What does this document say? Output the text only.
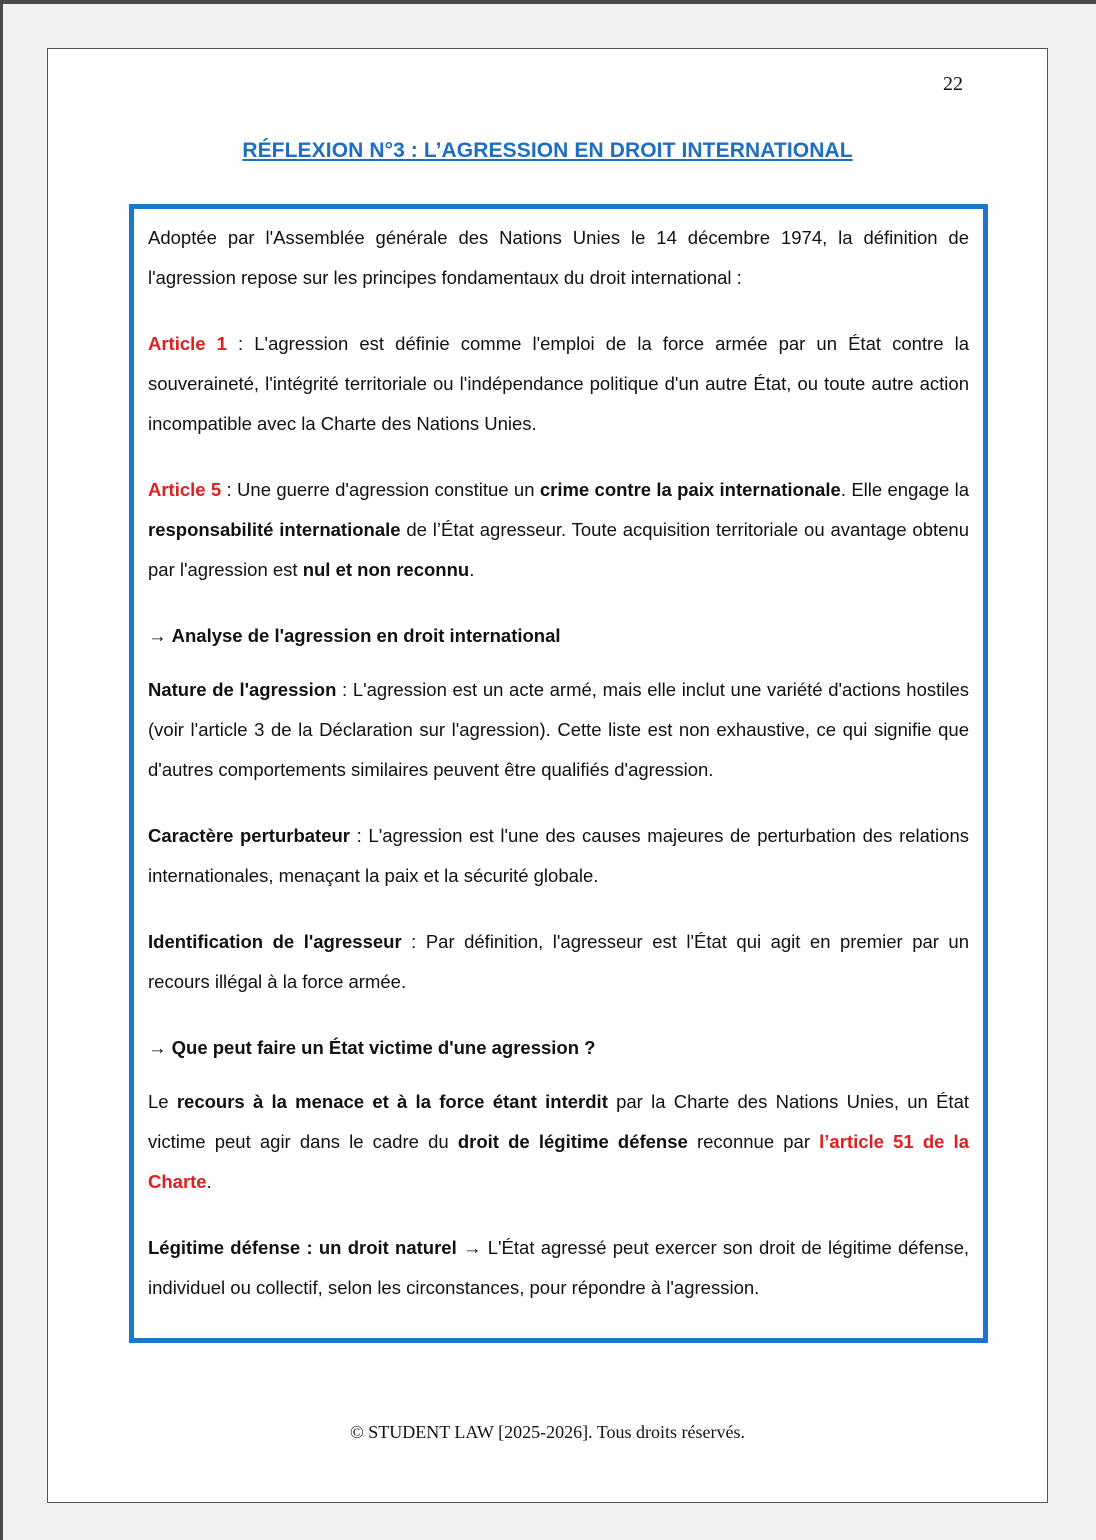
22
RÉFLEXION N°3 : L’AGRESSION EN DROIT INTERNATIONAL

Adoptée par l'Assemblée générale des Nations Unies le 14 décembre 1974, la définition de l'agression repose sur les principes fondamentaux du droit international :

Article 1 : L'agression est définie comme l'emploi de la force armée par un État contre la souveraineté, l'intégrité territoriale ou l'indépendance politique d'un autre État, ou toute autre action incompatible avec la Charte des Nations Unies.

Article 5 : Une guerre d'agression constitue un crime contre la paix internationale. Elle engage la responsabilité internationale de l’État agresseur. Toute acquisition territoriale ou avantage obtenu par l'agression est nul et non reconnu.

→ Analyse de l'agression en droit international

Nature de l'agression : L'agression est un acte armé, mais elle inclut une variété d'actions hostiles (voir l'article 3 de la Déclaration sur l'agression). Cette liste est non exhaustive, ce qui signifie que d'autres comportements similaires peuvent être qualifiés d'agression.

Caractère perturbateur : L'agression est l'une des causes majeures de perturbation des relations internationales, menaçant la paix et la sécurité globale.

Identification de l'agresseur : Par définition, l'agresseur est l'État qui agit en premier par un recours illégal à la force armée.

→ Que peut faire un État victime d'une agression ?

Le recours à la menace et à la force étant interdit par la Charte des Nations Unies, un État victime peut agir dans le cadre du droit de légitime défense reconnue par l’article 51 de la Charte.

Légitime défense : un droit naturel → L'État agressé peut exercer son droit de légitime défense, individuel ou collectif, selon les circonstances, pour répondre à l'agression.

© STUDENT LAW [2025-2026]. Tous droits réservés.
